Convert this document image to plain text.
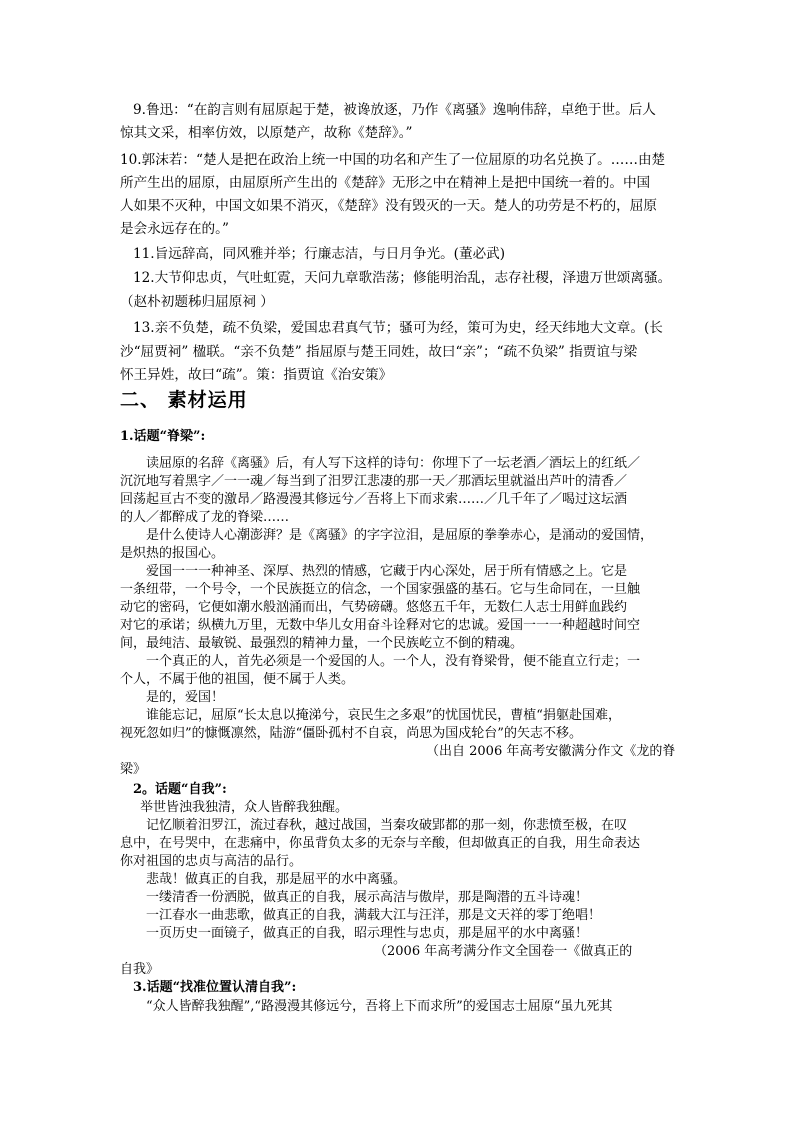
9.鲁迅：“在韵言则有屈原起于楚，被谗放逐，乃作《离骚》逸响伟辞，卓绝于世。后人
惊其文采，相率仿效，以原楚产，故称《楚辞》。”
10.郭沫若：“楚人是把在政治上统一中国的功名和产生了一位屈原的功名兑换了。……由楚
所产生出的屈原，由屈原所产生出的《楚辞》无形之中在精神上是把中国统一着的。中国
人如果不灭种，中国文如果不消灭，《楚辞》没有毁灭的一天。楚人的功劳是不朽的，屈原
是会永远存在的。”
11.旨远辞高，同风雅并举；行廉志洁，与日月争光。(董必武)
12.大节仰忠贞，气吐虹霓，天问九章歌浩荡；修能明治乱，志存社稷，泽遗万世颂离骚。
（赵朴初题秭归屈原祠 ）
13.亲不负楚，疏不负梁，爱国忠君真气节；骚可为经，策可为史，经天纬地大文章。(长
沙“屈贾祠” 楹联。“亲不负楚” 指屈原与楚王同姓，故曰“亲”；“疏不负梁” 指贾谊与梁
怀王异姓，故曰“疏”。策：指贾谊《治安策》
二、 素材运用
1.话题“脊梁”:
读屈原的名辞《离骚》后，有人写下这样的诗句：你埋下了一坛老酒／酒坛上的红纸／
沉沉地写着黑字／一一魂／每当到了汨罗江悲凄的那一天／那酒坛里就溢出芦叶的清香／
回荡起亘古不变的激昂／路漫漫其修远兮／吾将上下而求索……／几千年了／喝过这坛酒
的人／都醉成了龙的脊梁……
是什么使诗人心潮澎湃？是《离骚》的字字泣泪，是屈原的拳拳赤心，是涌动的爱国情，
是炽热的报国心。
爱国一一一种神圣、深厚、热烈的情感，它藏于内心深处，居于所有情感之上。它是
一条纽带，一个号令，一个民族挺立的信念，一个国家强盛的基石。它与生命同在，一旦触
动它的密码，它便如潮水般汹涌而出，气势磅礴。悠悠五千年，无数仁人志士用鲜血践约
对它的承诺；纵横九万里，无数中华儿女用奋斗诠释对它的忠诚。爱国一一一种超越时间空
间，最纯洁、最敏锐、最强烈的精神力量，一个民族屹立不倒的精魂。
一个真正的人，首先必须是一个爱国的人。一个人，没有脊梁骨，便不能直立行走；一
个人，不属于他的祖国，便不属于人类。
是的，爱国！
谁能忘记，屈原“长太息以掩涕兮，哀民生之多艰”的忧国忧民，曹植“捐躯赴国难，
视死忽如归”的慷慨凛然，陆游“僵卧孤村不自哀，尚思为国戍轮台”的矢志不移。
（出自 2006 年高考安徽满分作文《龙的脊
梁》
2。话题“自我”:
举世皆浊我独清，众人皆醉我独醒。
记忆顺着汨罗江，流过春秋，越过战国，当秦攻破郢都的那一刻，你悲愤至极，在叹
息中，在号哭中，在悲痛中，你虽背负太多的无奈与辛酸，但却做真正的自我，用生命表达
你对祖国的忠贞与高洁的品行。
悲哉！做真正的自我，那是屈平的水中离骚。
一缕清香一份洒脱，做真正的自我，展示高洁与傲岸，那是陶潜的五斗诗魂！
一江春水一曲悲歌，做真正的自我，满载大江与汪洋，那是文天祥的零丁绝唱！
一页历史一面镜子，做真正的自我，昭示理性与忠贞，那是屈平的水中离骚！
（2006 年高考满分作文全国卷一《做真正的
自我》
3.话题“找准位置认清自我”:
“众人皆醉我独醒”,“路漫漫其修远兮，吾将上下而求所”的爱国志士屈原“虽九死其
